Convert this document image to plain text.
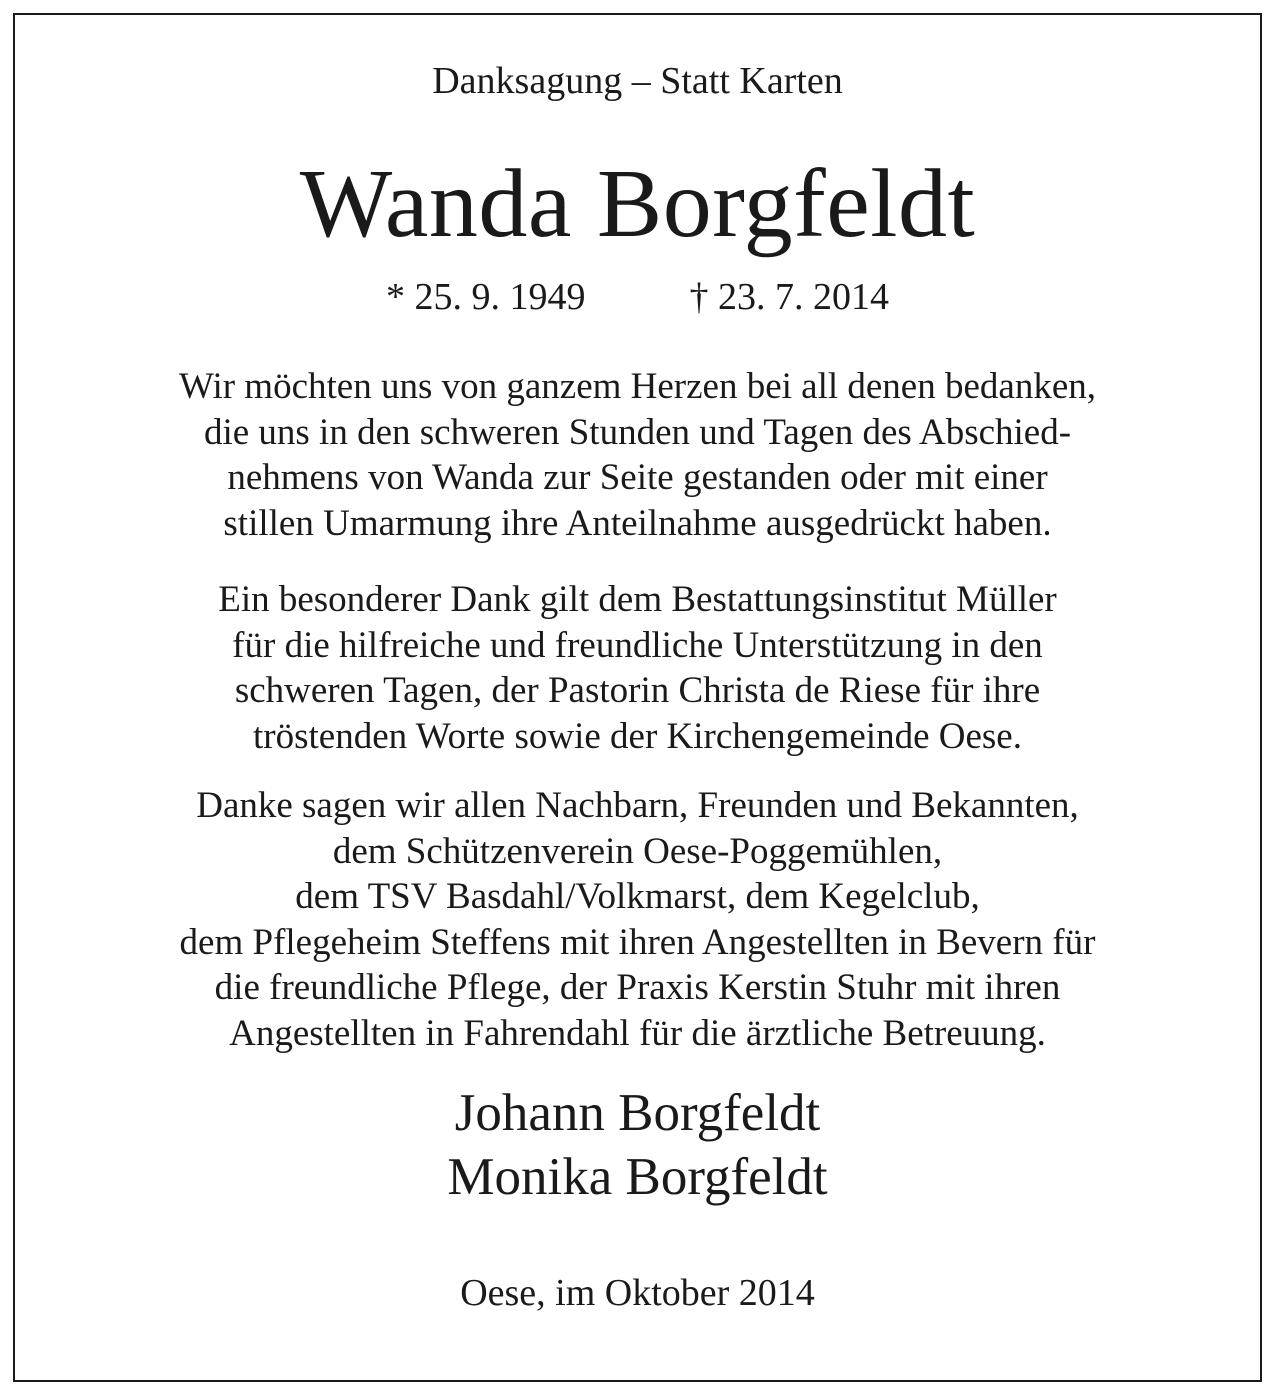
Danksagung – Statt Karten
Wanda Borgfeldt
* 25. 9. 1949	† 23. 7. 2014
Wir möchten uns von ganzem Herzen bei all denen bedanken,
die uns in den schweren Stunden und Tagen des Abschied-
nehmens von Wanda zur Seite gestanden oder mit einer
stillen Umarmung ihre Anteilnahme ausgedrückt haben.
Ein besonderer Dank gilt dem Bestattungsinstitut Müller
für die hilfreiche und freundliche Unterstützung in den
schweren Tagen, der Pastorin Christa de Riese für ihre
tröstenden Worte sowie der Kirchengemeinde Oese.
Danke sagen wir allen Nachbarn, Freunden und Bekannten,
dem Schützenverein Oese-Poggemühlen,
dem TSV Basdahl/Volkmarst, dem Kegelclub,
dem Pflegeheim Steffens mit ihren Angestellten in Bevern für
die freundliche Pflege, der Praxis Kerstin Stuhr mit ihren
Angestellten in Fahrendahl für die ärztliche Betreuung.
Johann Borgfeldt
Monika Borgfeldt
Oese, im Oktober 2014
